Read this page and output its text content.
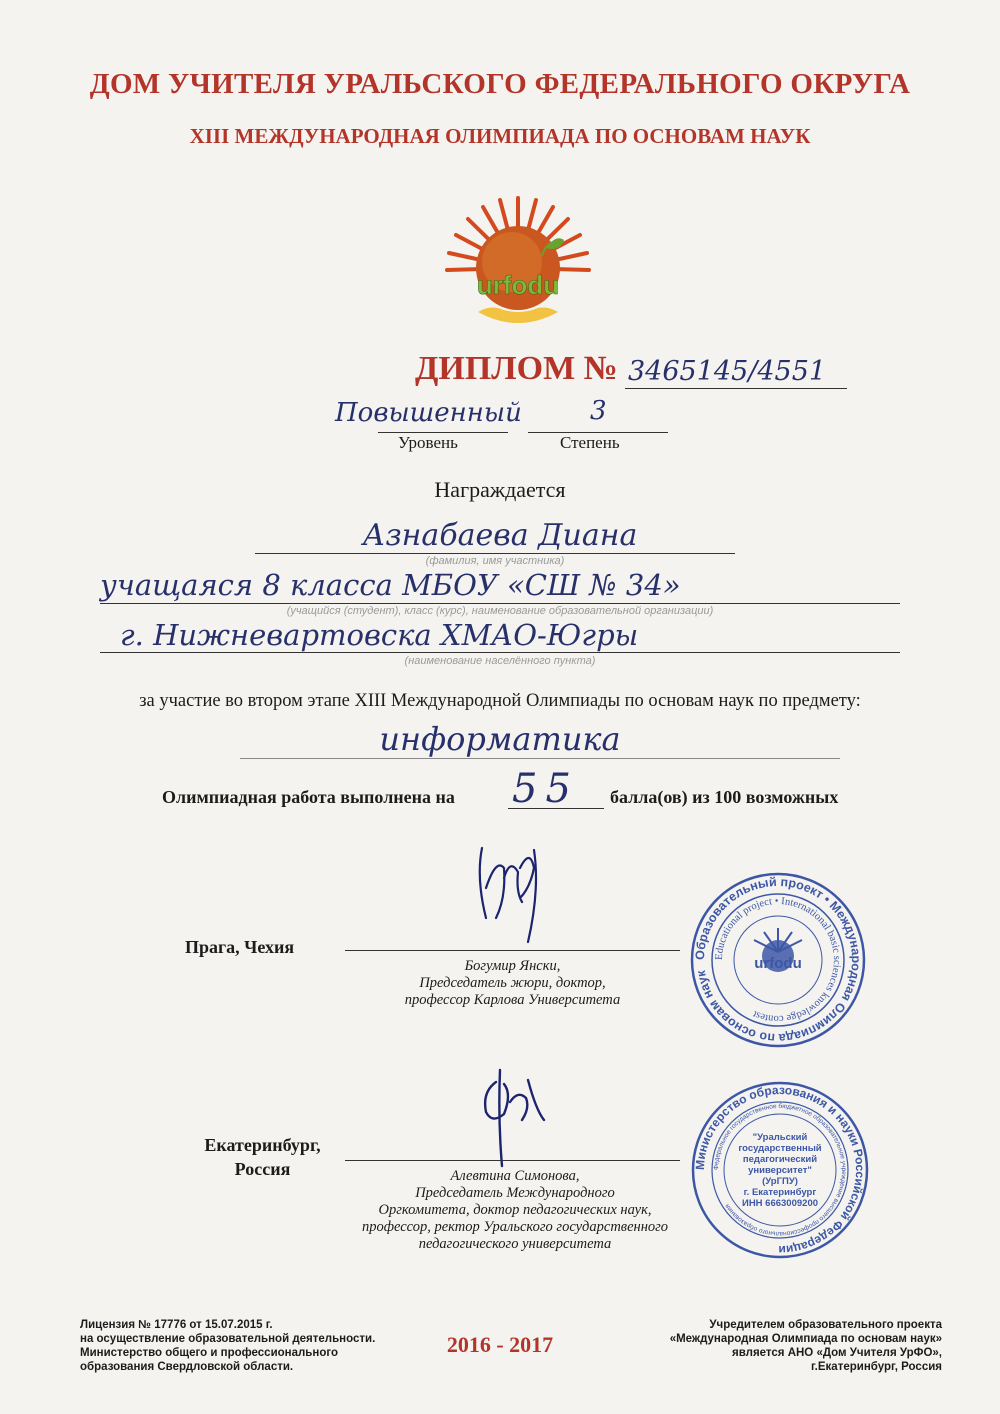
ДОМ УЧИТЕЛЯ УРАЛЬСКОГО ФЕДЕРАЛЬНОГО ОКРУГА
XIII МЕЖДУНАРОДНАЯ ОЛИМПИАДА ПО ОСНОВАМ НАУК
urfodu
ДИПЛОМ № 3465145/4551
Повышенный	3
Уровень	Степень
Награждается
Азнабаева Диана
(фамилия, имя участника)
учащаяся 8 класса МБОУ «СШ № 34»
(учащийся (студент), класс (курс), наименование образовательной организации)
г. Нижневартовска ХМАО-Югры
(наименование населённого пункта)
за участие во втором этапе XIII Международной Олимпиады по основам наук по предмету:
информатика
Олимпиадная работа выполнена на 55 балла(ов) из 100 возможных
Прага, Чехия
Богумир Янски,
Председатель жюри, доктор,
профессор Карлова Университета
Образовательный проект • Международная Олимпиада по основам наук
Educational project • International basic sciences knowledge contest
urfodu
Екатеринбург,
Россия	Алевтина Симонова,
Председатель Международного
Оргкомитета, доктор педагогических наук,
профессор, ректор Уральского государственного
педагогического университета
Министерство образования и науки Российской Федерации
Федеральное государственное бюджетное образовательное учреждение высшего профессионального образования
"Уральский
государственный
педагогический
университет"
(УрГПУ)
г. Екатеринбург
ИНН 6663009200
Лицензия № 17776 от 15.07.2015 г.
на осуществление образовательной деятельности.
Министерство общего и профессионального
образования Свердловской области.
2016 - 2017
Учредителем образовательного проекта
«Международная Олимпиада по основам наук»
является АНО «Дом Учителя УрФО»,
г.Екатеринбург, Россия
